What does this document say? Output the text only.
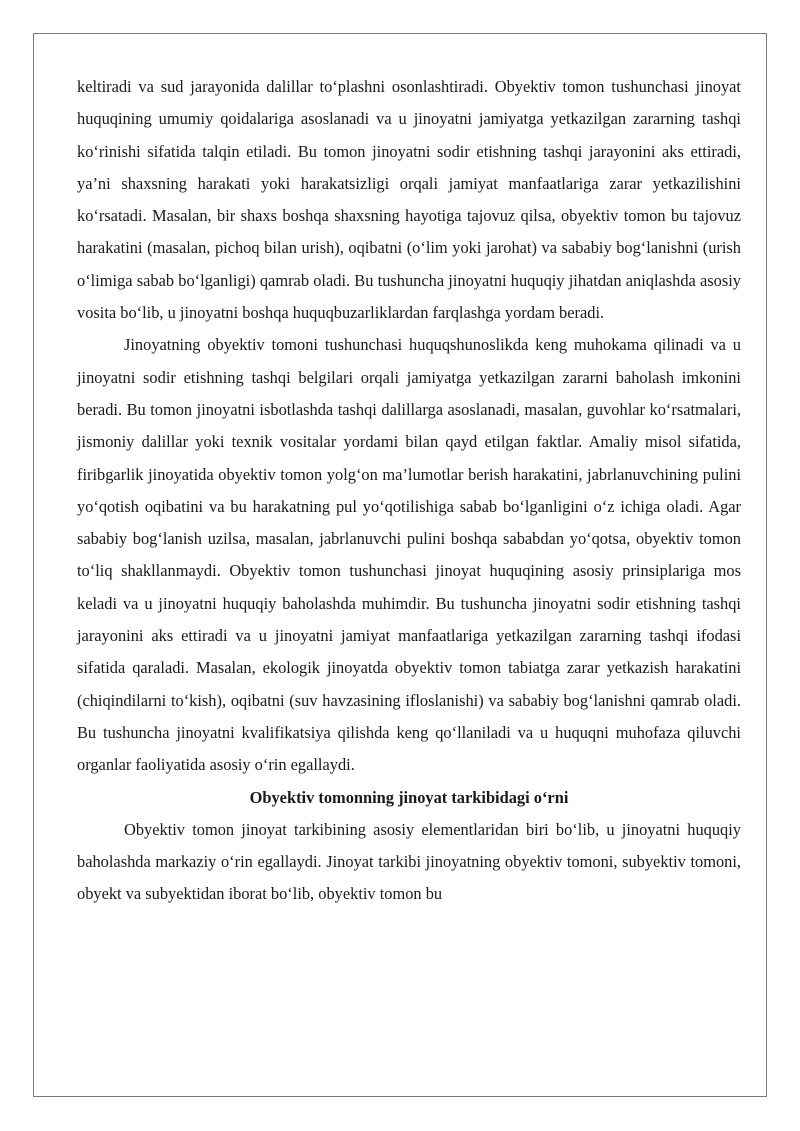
keltiradi va sud jarayonida dalillar to‘plashni osonlashtiradi. Obyektiv tomon tushunchasi jinoyat huquqining umumiy qoidalariga asoslanadi va u jinoyatni jamiyatga yetkazilgan zararning tashqi ko‘rinishi sifatida talqin etiladi. Bu tomon jinoyatni sodir etishning tashqi jarayonini aks ettiradi, ya’ni shaxsning harakati yoki harakatsizligi orqali jamiyat manfaatlariga zarar yetkazilishini ko‘rsatadi. Masalan, bir shaxs boshqa shaxsning hayotiga tajovuz qilsa, obyektiv tomon bu tajovuz harakatini (masalan, pichoq bilan urish), oqibatni (o‘lim yoki jarohat) va sababiy bog‘lanishni (urish o‘limiga sabab bo‘lganligi) qamrab oladi. Bu tushuncha jinoyatni huquqiy jihatdan aniqlashda asosiy vosita bo‘lib, u jinoyatni boshqa huquqbuzarliklardan farqlashga yordam beradi.

Jinoyatning obyektiv tomoni tushunchasi huquqshunoslikda keng muhokama qilinadi va u jinoyatni sodir etishning tashqi belgilari orqali jamiyatga yetkazilgan zararni baholash imkonini beradi. Bu tomon jinoyatni isbotlashda tashqi dalillarga asoslanadi, masalan, guvohlar ko‘rsatmalari, jismoniy dalillar yoki texnik vositalar yordami bilan qayd etilgan faktlar. Amaliy misol sifatida, firibgarlik jinoyatida obyektiv tomon yolg‘on ma’lumotlar berish harakatini, jabrlanuvchining pulini yo‘qotish oqibatini va bu harakatning pul yo‘qotilishiga sabab bo‘lganligini o‘z ichiga oladi. Agar sababiy bog‘lanish uzilsa, masalan, jabrlanuvchi pulini boshqa sababdan yo‘qotsa, obyektiv tomon to‘liq shakllanmaydi. Obyektiv tomon tushunchasi jinoyat huquqining asosiy prinsiplariga mos keladi va u jinoyatni huquqiy baholashda muhimdir. Bu tushuncha jinoyatni sodir etishning tashqi jarayonini aks ettiradi va u jinoyatni jamiyat manfaatlariga yetkazilgan zararning tashqi ifodasi sifatida qaraladi. Masalan, ekologik jinoyatda obyektiv tomon tabiatga zarar yetkazish harakatini (chiqindilarni to‘kish), oqibatni (suv havzasining ifloslanishi) va sababiy bog‘lanishni qamrab oladi. Bu tushuncha jinoyatni kvalifikatsiya qilishda keng qo‘llaniladi va u huquqni muhofaza qiluvchi organlar faoliyatida asosiy o‘rin egallaydi.

Obyektiv tomonning jinoyat tarkibidagi o‘rni

Obyektiv tomon jinoyat tarkibining asosiy elementlaridan biri bo‘lib, u jinoyatni huquqiy baholashda markaziy o‘rin egallaydi. Jinoyat tarkibi jinoyatning obyektiv tomoni, subyektiv tomoni, obyekt va subyektidan iborat bo‘lib, obyektiv tomon bu
